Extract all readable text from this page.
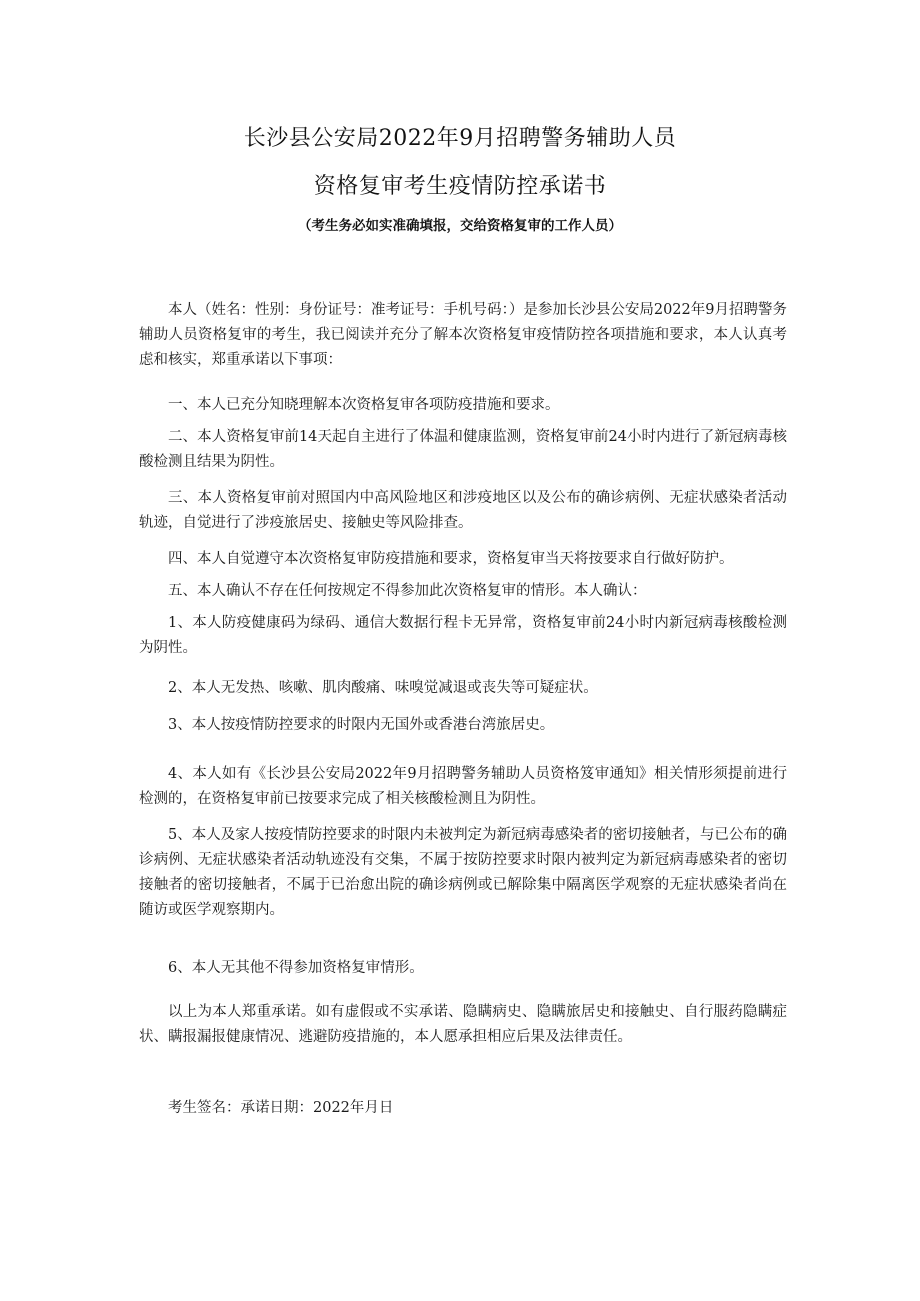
长沙县公安局2022年9月招聘警务辅助人员
资格复审考生疫情防控承诺书
（考生务必如实准确填报，交给资格复审的工作人员）
本人（姓名：性别：身份证号：准考证号：手机号码：）是参加长沙县公安局2022年9月招聘警务辅助人员资格复审的考生，我已阅读并充分了解本次资格复审疫情防控各项措施和要求，本人认真考虑和核实，郑重承诺以下事项：
一、本人已充分知晓理解本次资格复审各项防疫措施和要求。
二、本人资格复审前14天起自主进行了体温和健康监测，资格复审前24小时内进行了新冠病毒核酸检测且结果为阴性。
三、本人资格复审前对照国内中高风险地区和涉疫地区以及公布的确诊病例、无症状感染者活动轨迹，自觉进行了涉疫旅居史、接触史等风险排查。
四、本人自觉遵守本次资格复审防疫措施和要求，资格复审当天将按要求自行做好防护。
五、本人确认不存在任何按规定不得参加此次资格复审的情形。本人确认：
1、本人防疫健康码为绿码、通信大数据行程卡无异常，资格复审前24小时内新冠病毒核酸检测为阴性。
2、本人无发热、咳嗽、肌肉酸痛、味嗅觉减退或丧失等可疑症状。
3、本人按疫情防控要求的时限内无国外或香港台湾旅居史。
4、本人如有《长沙县公安局2022年9月招聘警务辅助人员资格笈审通知》相关情形须提前进行检测的，在资格复审前已按要求完成了相关核酸检测且为阴性。
5、本人及家人按疫情防控要求的时限内未被判定为新冠病毒感染者的密切接触者，与已公布的确诊病例、无症状感染者活动轨迹没有交集，不属于按防控要求时限内被判定为新冠病毒感染者的密切接触者的密切接触者，不属于已治愈出院的确诊病例或已解除集中隔离医学观察的无症状感染者尚在随访或医学观察期内。
6、本人无其他不得参加资格复审情形。
以上为本人郑重承诺。如有虚假或不实承诺、隐瞒病史、隐瞒旅居史和接触史、自行服药隐瞒症状、瞒报漏报健康情况、逃避防疫措施的，本人愿承担相应后果及法律责任。
考生签名：承诺日期：2022年月日
